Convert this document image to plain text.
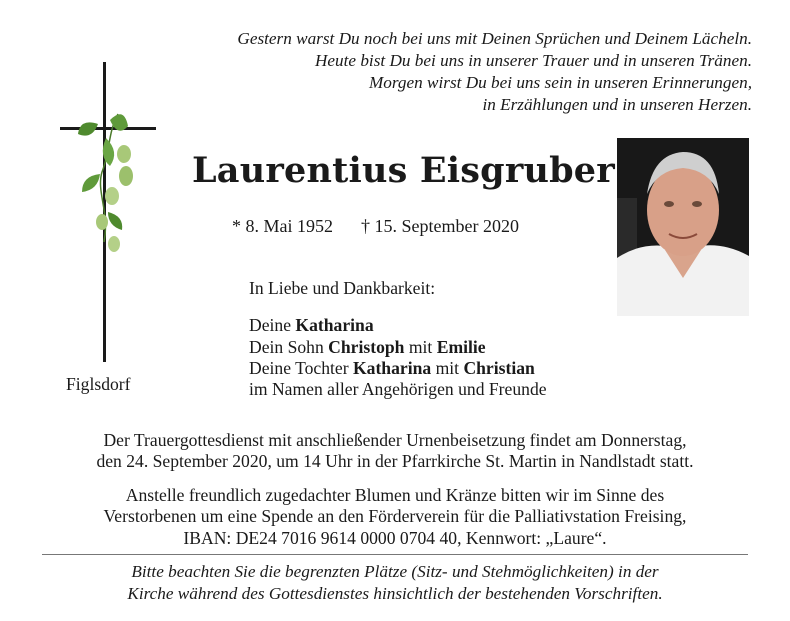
Gestern warst Du noch bei uns mit Deinen Sprüchen und Deinem Lächeln.
Heute bist Du bei uns in unserer Trauer und in unseren Tränen.
Morgen wirst Du bei uns sein in unseren Erinnerungen,
in Erzählungen und in unseren Herzen.
Laurentius Eisgruber
* 8. Mai 1952 † 15. September 2020
In Liebe und Dankbarkeit:
Deine Katharina
Dein Sohn Christoph mit Emilie
Deine Tochter Katharina mit Christian
im Namen aller Angehörigen und Freunde
Figlsdorf
Der Trauergottesdienst mit anschließender Urnenbeisetzung findet am Donnerstag,
den 24. September 2020, um 14 Uhr in der Pfarrkirche St. Martin in Nandlstadt statt.
Anstelle freundlich zugedachter Blumen und Kränze bitten wir im Sinne des
Verstorbenen um eine Spende an den Förderverein für die Palliativstation Freising,
IBAN: DE24 7016 9614 0000 0704 40, Kennwort: „Laure“.
Bitte beachten Sie die begrenzten Plätze (Sitz- und Stehmöglichkeiten) in der
Kirche während des Gottesdienstes hinsichtlich der bestehenden Vorschriften.
